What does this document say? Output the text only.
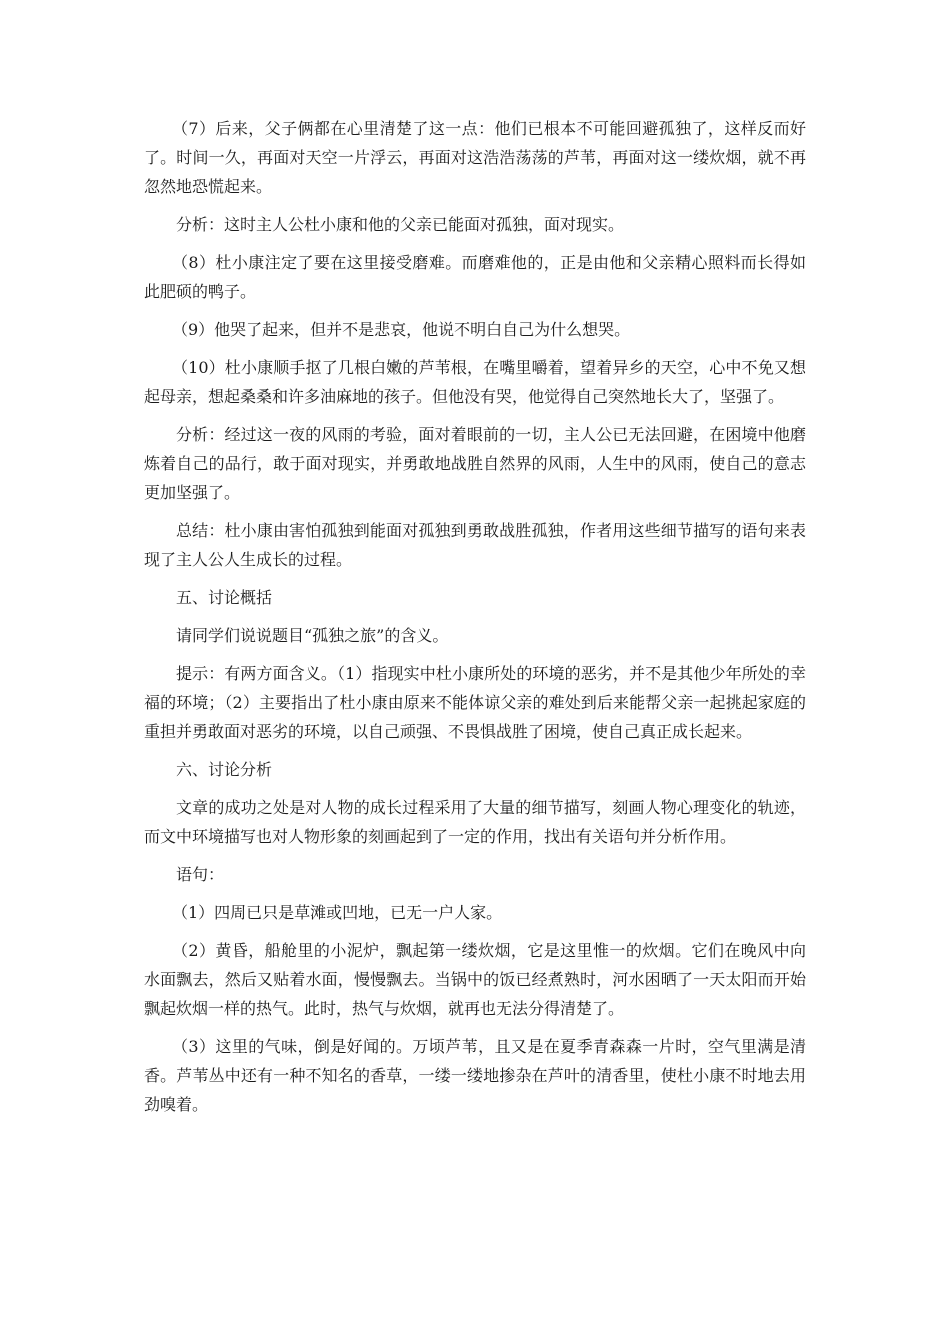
（7）后来，父子俩都在心里清楚了这一点：他们已根本不可能回避孤独了，这样反而好了。时间一久，再面对天空一片浮云，再面对这浩浩荡荡的芦苇，再面对这一缕炊烟，就不再忽然地恐慌起来。

分析：这时主人公杜小康和他的父亲已能面对孤独，面对现实。

（8）杜小康注定了要在这里接受磨难。而磨难他的，正是由他和父亲精心照料而长得如此肥硕的鸭子。

（9）他哭了起来，但并不是悲哀，他说不明白自己为什么想哭。

（10）杜小康顺手抠了几根白嫩的芦苇根，在嘴里嚼着，望着异乡的天空，心中不免又想起母亲，想起桑桑和许多油麻地的孩子。但他没有哭，他觉得自己突然地长大了，坚强了。

分析：经过这一夜的风雨的考验，面对着眼前的一切，主人公已无法回避，在困境中他磨炼着自己的品行，敢于面对现实，并勇敢地战胜自然界的风雨，人生中的风雨，使自己的意志更加坚强了。

总结：杜小康由害怕孤独到能面对孤独到勇敢战胜孤独，作者用这些细节描写的语句来表现了主人公人生成长的过程。

五、讨论概括

请同学们说说题目“孤独之旅”的含义。

提示：有两方面含义。（1）指现实中杜小康所处的环境的恶劣，并不是其他少年所处的幸福的环境；（2）主要指出了杜小康由原来不能体谅父亲的难处到后来能帮父亲一起挑起家庭的重担并勇敢面对恶劣的环境，以自己顽强、不畏惧战胜了困境，使自己真正成长起来。

六、讨论分析

文章的成功之处是对人物的成长过程采用了大量的细节描写，刻画人物心理变化的轨迹，而文中环境描写也对人物形象的刻画起到了一定的作用，找出有关语句并分析作用。

语句：

（1）四周已只是草滩或凹地，已无一户人家。

（2）黄昏，船舱里的小泥炉，飘起第一缕炊烟，它是这里惟一的炊烟。它们在晚风中向水面飘去，然后又贴着水面，慢慢飘去。当锅中的饭已经煮熟时，河水困晒了一天太阳而开始飘起炊烟一样的热气。此时，热气与炊烟，就再也无法分得清楚了。

（3）这里的气味，倒是好闻的。万顷芦苇，且又是在夏季青森森一片时，空气里满是清香。芦苇丛中还有一种不知名的香草，一缕一缕地掺杂在芦叶的清香里，使杜小康不时地去用劲嗅着。
